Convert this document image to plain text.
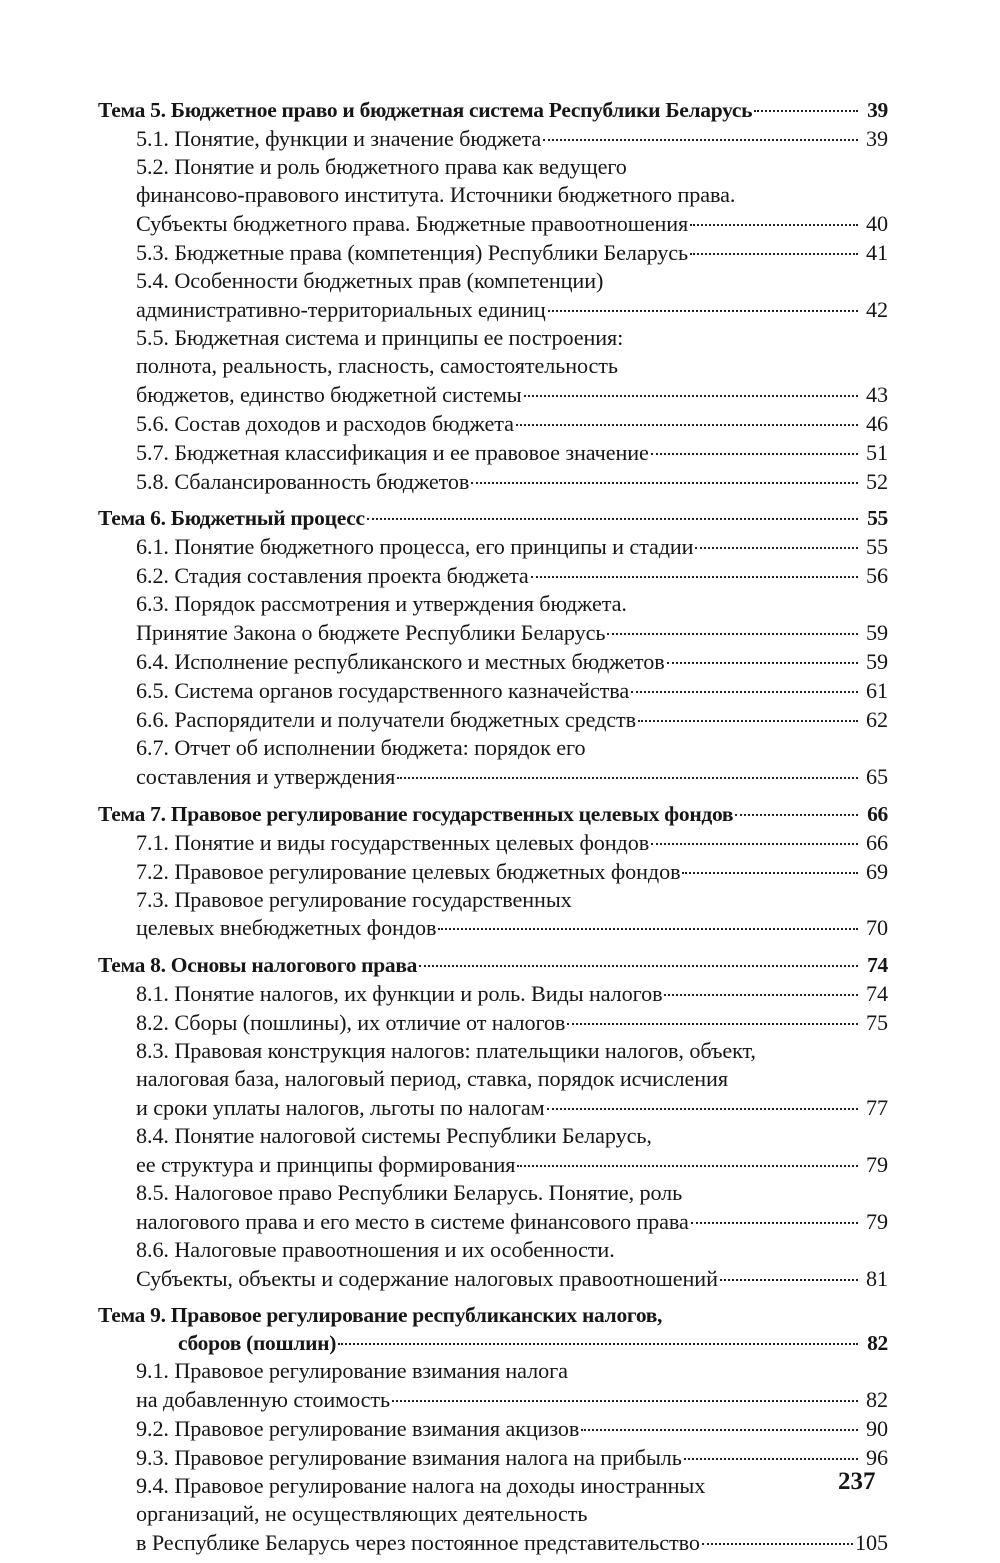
Тема 5. Бюджетное право и бюджетная система Республики Беларусь	39
5.1. Понятие, функции и значение бюджета	39
5.2. Понятие и роль бюджетного права как ведущего
финансово-правового института. Источники бюджетного права.
Субъекты бюджетного права. Бюджетные правоотношения	40
5.3. Бюджетные права (компетенция) Республики Беларусь	41
5.4. Особенности бюджетных прав (компетенции)
административно-территориальных единиц	42
5.5. Бюджетная система и принципы ее построения:
полнота, реальность, гласность, самостоятельность
бюджетов, единство бюджетной системы	43
5.6. Состав доходов и расходов бюджета	46
5.7. Бюджетная классификация и ее правовое значение	51
5.8. Сбалансированность бюджетов	52
Тема 6. Бюджетный процесс	55
6.1. Понятие бюджетного процесса, его принципы и стадии	55
6.2. Стадия составления проекта бюджета	56
6.3. Порядок рассмотрения и утверждения бюджета.
Принятие Закона о бюджете Республики Беларусь	59
6.4. Исполнение республиканского и местных бюджетов	59
6.5. Система органов государственного казначейства	61
6.6. Распорядители и получатели бюджетных средств	62
6.7. Отчет об исполнении бюджета: порядок его
составления и утверждения	65
Тема 7. Правовое регулирование государственных целевых фондов	66
7.1. Понятие и виды государственных целевых фондов	66
7.2. Правовое регулирование целевых бюджетных фондов	69
7.3. Правовое регулирование государственных
целевых внебюджетных фондов	70
Тема 8. Основы налогового права	74
8.1. Понятие налогов, их функции и роль. Виды налогов	74
8.2. Сборы (пошлины), их отличие от налогов	75
8.3. Правовая конструкция налогов: плательщики налогов, объект,
налоговая база, налоговый период, ставка, порядок исчисления
и сроки уплаты налогов, льготы по налогам	77
8.4. Понятие налоговой системы Республики Беларусь,
ее структура и принципы формирования	79
8.5. Налоговое право Республики Беларусь. Понятие, роль
налогового права и его место в системе финансового права	79
8.6. Налоговые правоотношения и их особенности.
Субъекты, объекты и содержание налоговых правоотношений	81
Тема 9. Правовое регулирование республиканских налогов,
сборов (пошлин)	82
9.1. Правовое регулирование взимания налога
на добавленную стоимость	82
9.2. Правовое регулирование взимания акцизов	90
9.3. Правовое регулирование взимания налога на прибыль	96
9.4. Правовое регулирование налога на доходы иностранных
организаций, не осуществляющих деятельность
в Республике Беларусь через постоянное представительство	105
237
